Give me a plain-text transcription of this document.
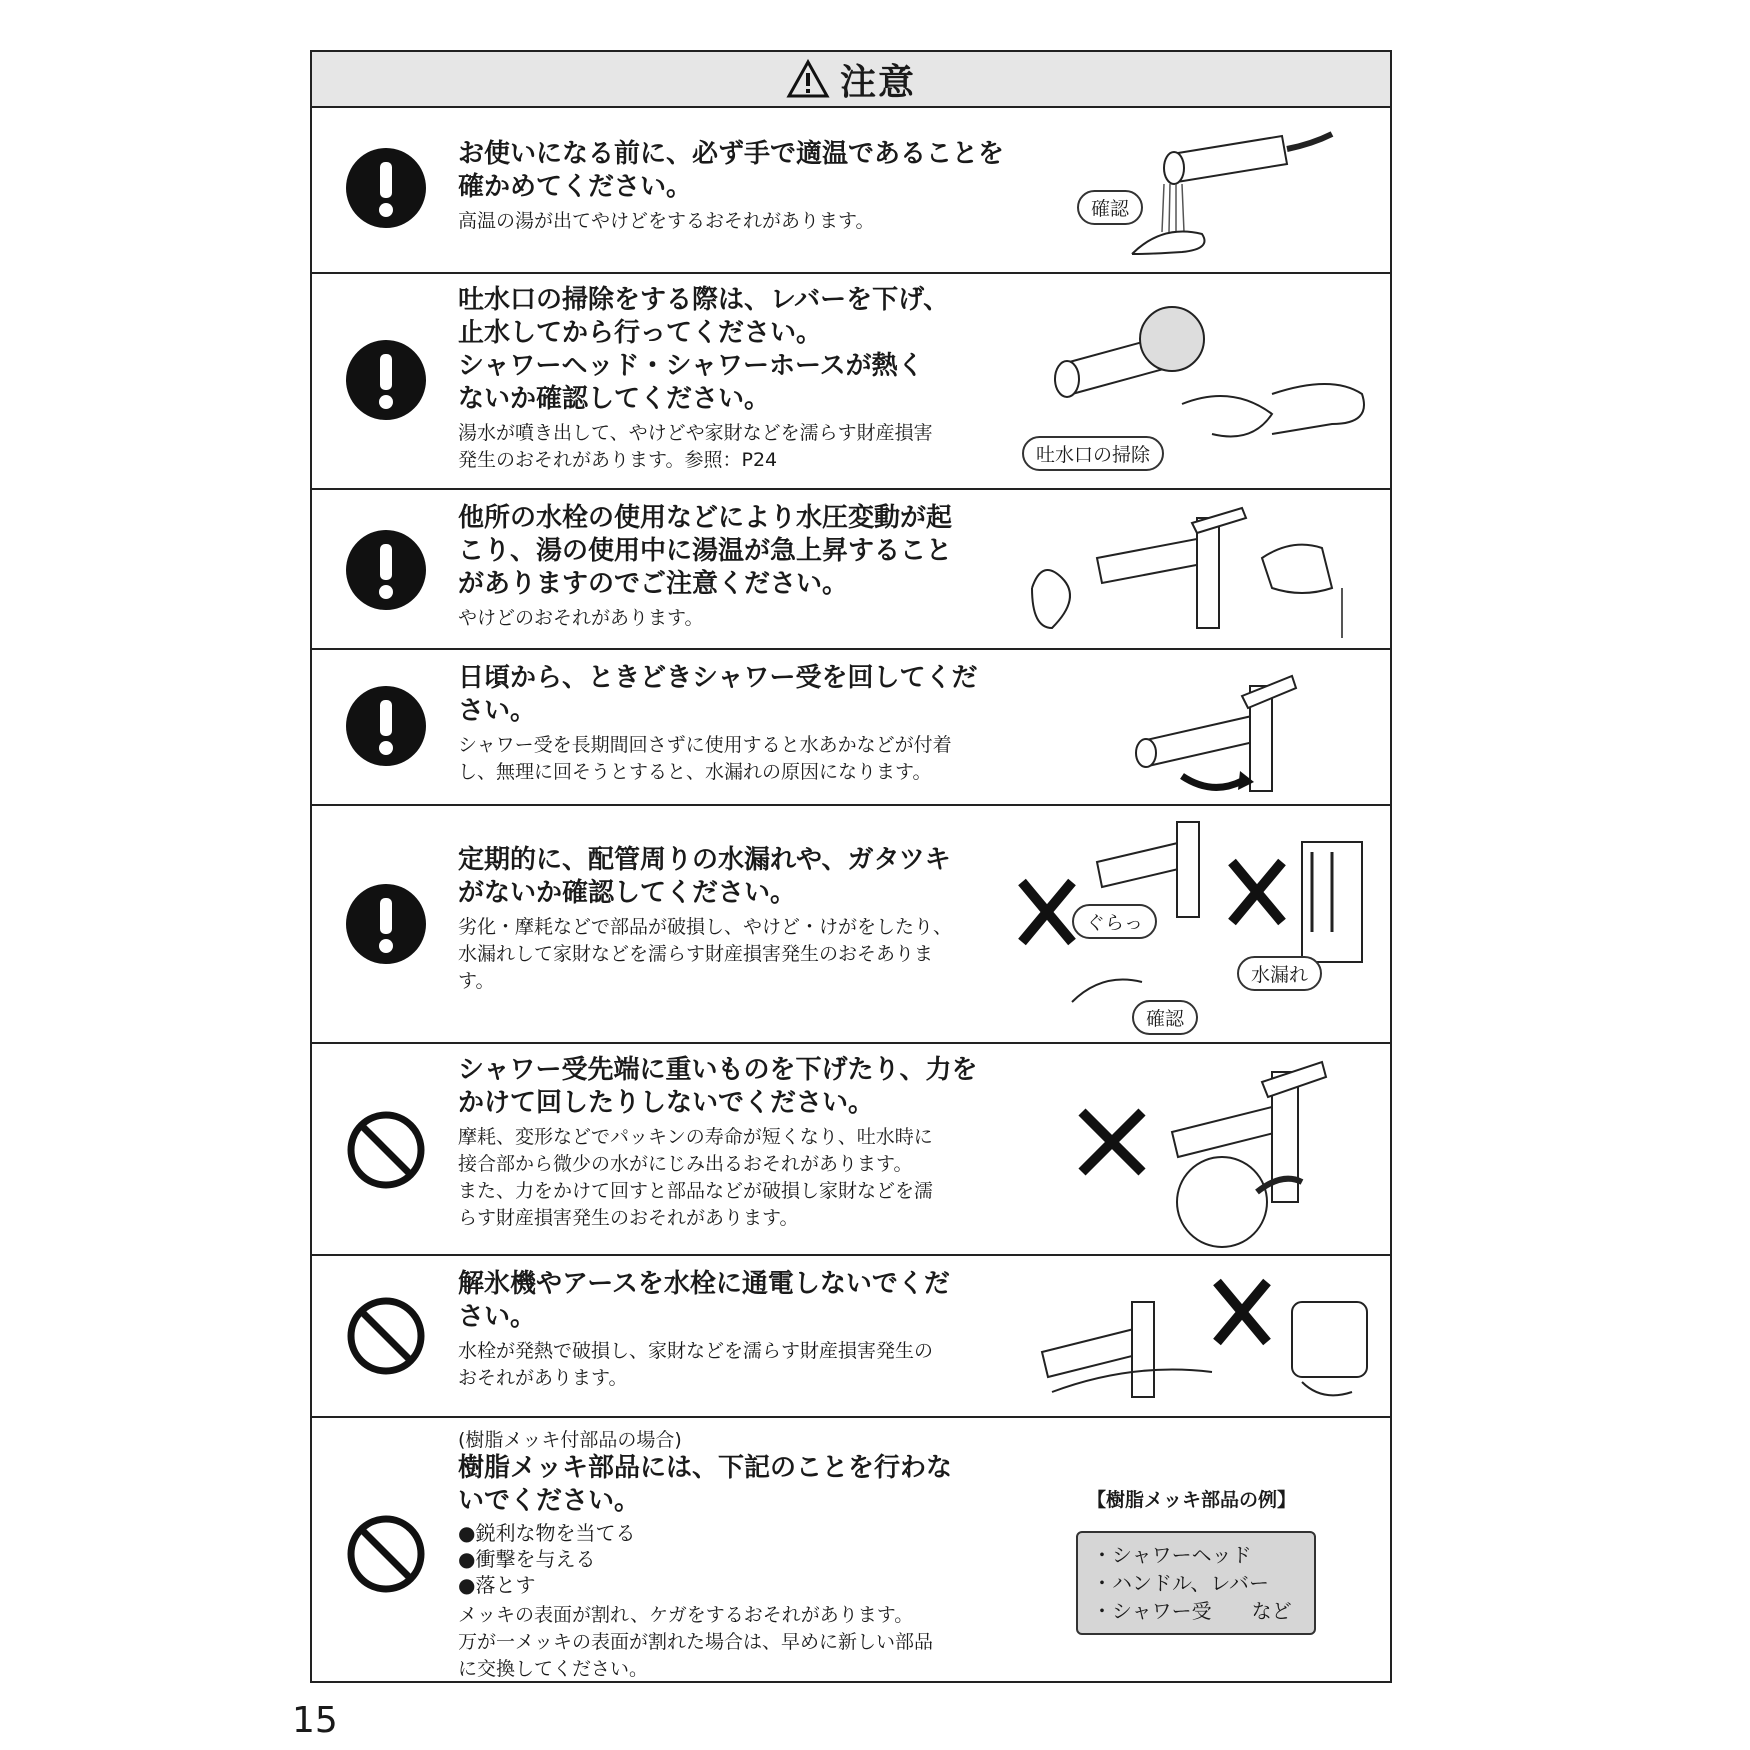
注意

お使いになる前に、必ず手で適温であることを
確かめてください。

高温の湯が出てやけどをするおそれがあります。

確認

吐水口の掃除をする際は、レバーを下げ、
止水してから行ってください。
シャワーヘッド・シャワーホースが熱く
ないか確認してください。

湯水が噴き出して、やけどや家財などを濡らす財産損害
発生のおそれがあります。参照：P24	吐水口の掃除

他所の水栓の使用などにより水圧変動が起
こり、湯の使用中に湯温が急上昇すること
がありますのでご注意ください。

やけどのおそれがあります。

日頃から、ときどきシャワー受を回してくだ
さい。

シャワー受を長期間回さずに使用すると水あかなどが付着
し、無理に回そうとすると、水漏れの原因になります。

定期的に、配管周りの水漏れや、ガタツキ
がないか確認してください。

劣化・摩耗などで部品が破損し、やけど・けがをしたり、
水漏れして家財などを濡らす財産損害発生のおそありま
す。

ぐらっ
水漏れ
確認

シャワー受先端に重いものを下げたり、力を
かけて回したりしないでください。

摩耗、変形などでパッキンの寿命が短くなり、吐水時に
接合部から微少の水がにじみ出るおそれがあります。
また、力をかけて回すと部品などが破損し家財などを濡
らす財産損害発生のおそれがあります。

解氷機やアースを水栓に通電しないでくだ
さい。

水栓が発熱で破損し、家財などを濡らす財産損害発生の
おそれがあります。

(樹脂メッキ付部品の場合)

樹脂メッキ部品には、下記のことを行わな
いでください。

●鋭利な物を当てる
●衝撃を与える
●落とす

メッキの表面が割れ、ケガをするおそれがあります。
万が一メッキの表面が割れた場合は、早めに新しい部品
に交換してください。

【樹脂メッキ部品の例】
・シャワーヘッド
・ハンドル、レバー
・シャワー受　　など
15
